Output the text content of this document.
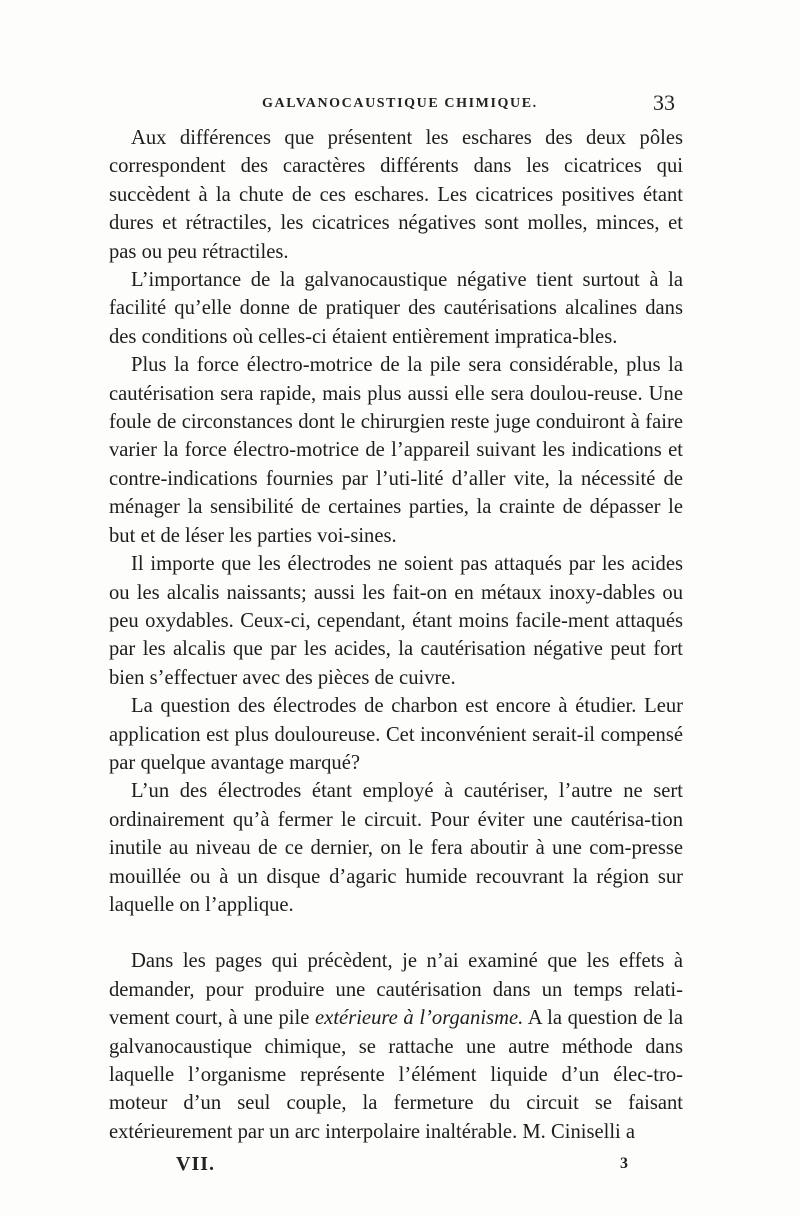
GALVANOCAUSTIQUE CHIMIQUE.	33

Aux différences que présentent les eschares des deux pôles correspondent des caractères différents dans les cicatrices qui succèdent à la chute de ces eschares. Les cicatrices positives étant dures et rétractiles, les cicatrices négatives sont molles, minces, et pas ou peu rétractiles.

L’importance de la galvanocaustique négative tient surtout à la facilité qu’elle donne de pratiquer des cautérisations alcalines dans des conditions où celles-ci étaient entièrement impratica-bles.

Plus la force électro-motrice de la pile sera considérable, plus la cautérisation sera rapide, mais plus aussi elle sera doulou-reuse. Une foule de circonstances dont le chirurgien reste juge conduiront à faire varier la force électro-motrice de l’appareil suivant les indications et contre-indications fournies par l’uti-lité d’aller vite, la nécessité de ménager la sensibilité de certaines parties, la crainte de dépasser le but et de léser les parties voi-sines.

Il importe que les électrodes ne soient pas attaqués par les acides ou les alcalis naissants; aussi les fait-on en métaux inoxy-dables ou peu oxydables. Ceux-ci, cependant, étant moins facile-ment attaqués par les alcalis que par les acides, la cautérisation négative peut fort bien s’effectuer avec des pièces de cuivre.

La question des électrodes de charbon est encore à étudier. Leur application est plus douloureuse. Cet inconvénient serait-il compensé par quelque avantage marqué?

L’un des électrodes étant employé à cautériser, l’autre ne sert ordinairement qu’à fermer le circuit. Pour éviter une cautérisa-tion inutile au niveau de ce dernier, on le fera aboutir à une com-presse mouillée ou à un disque d’agaric humide recouvrant la région sur laquelle on l’applique.

Dans les pages qui précèdent, je n’ai examiné que les effets à demander, pour produire une cautérisation dans un temps relati-vement court, à une pile extérieure à l’organisme. A la question de la galvanocaustique chimique, se rattache une autre méthode dans laquelle l’organisme représente l’élément liquide d’un élec-tro-moteur d’un seul couple, la fermeture du circuit se faisant extérieurement par un arc interpolaire inaltérable. M. Ciniselli a

VII.	3
